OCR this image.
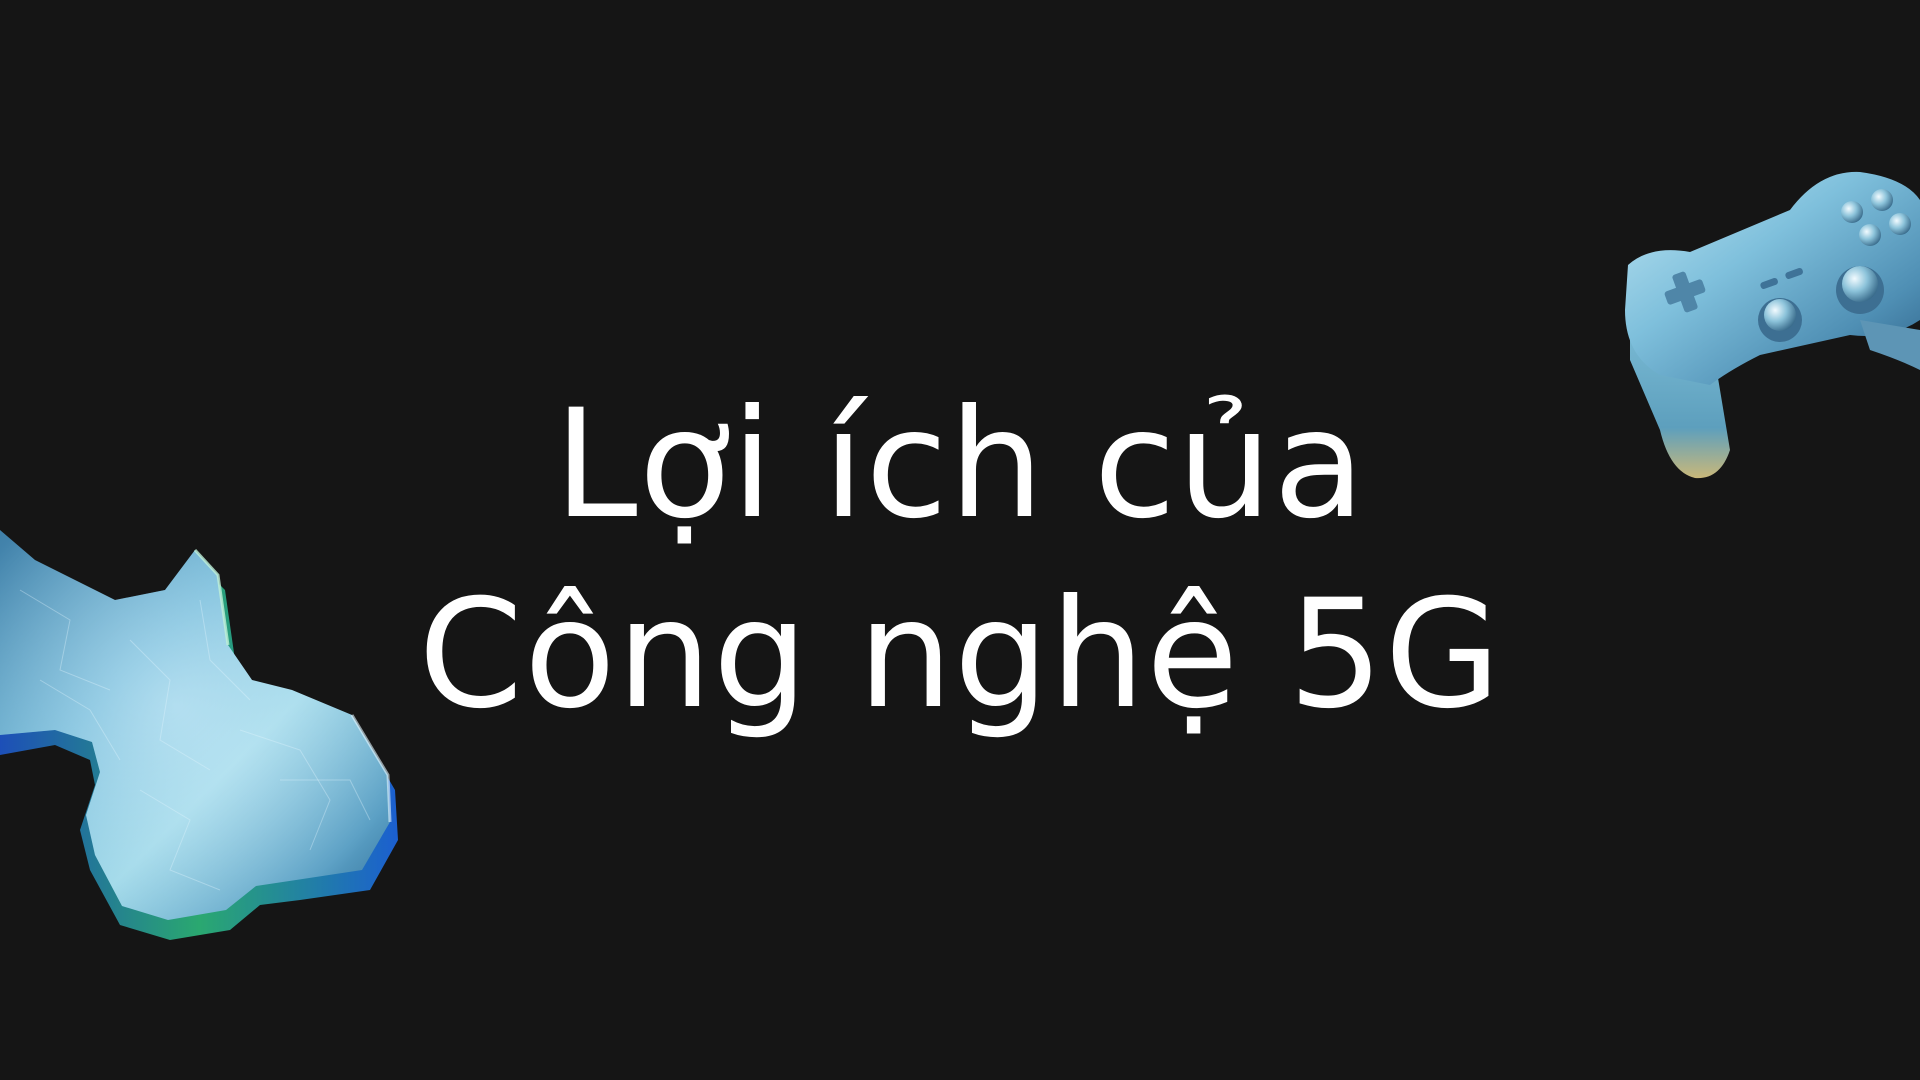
Lợi ích của
Công nghệ 5G
